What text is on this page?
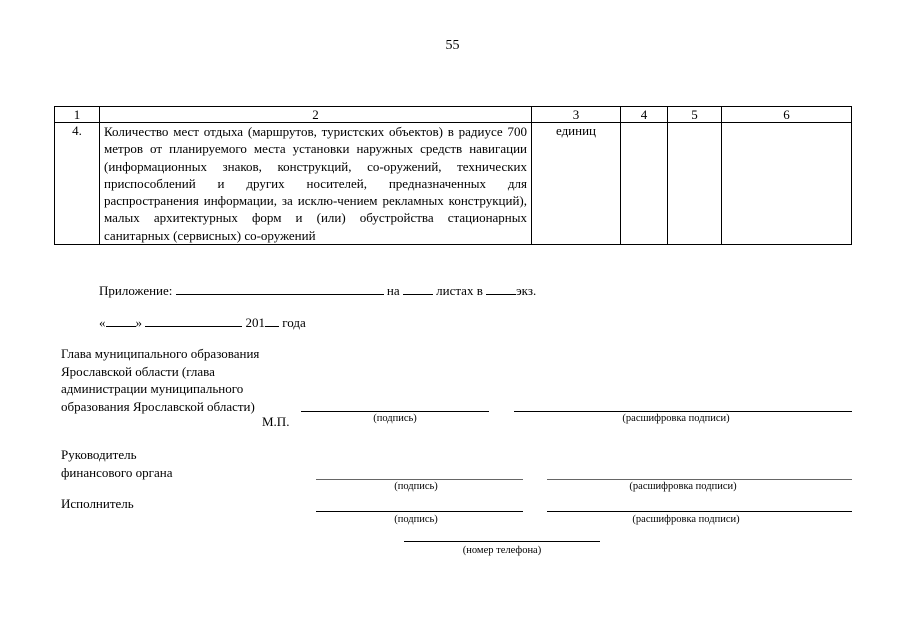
55
1	2	3	4	5	6
4.	Количество мест отдыха (маршрутов, туристских объектов) в радиусе 700 метров от планируемого места установки наружных средств навигации (информационных знаков, конструкций, со-оружений, технических приспособлений и других носителей, предназначенных для распространения информации, за исклю-чением рекламных конструкций), малых архитектурных форм и (или) обустройства стационарных санитарных (сервисных) со-оружений	единиц			
Приложение:	на	листах в	экз.
« »	201 года
Глава муниципального образования
Ярославской области (глава
администрации муниципального
образования Ярославской области)
М.П.	(подпись)	(расшифровка подписи)
Руководитель
финансового органа
(подпись)	(расшифровка подписи)
Исполнитель
(подпись)	(расшифровка подписи)
(номер телефона)
